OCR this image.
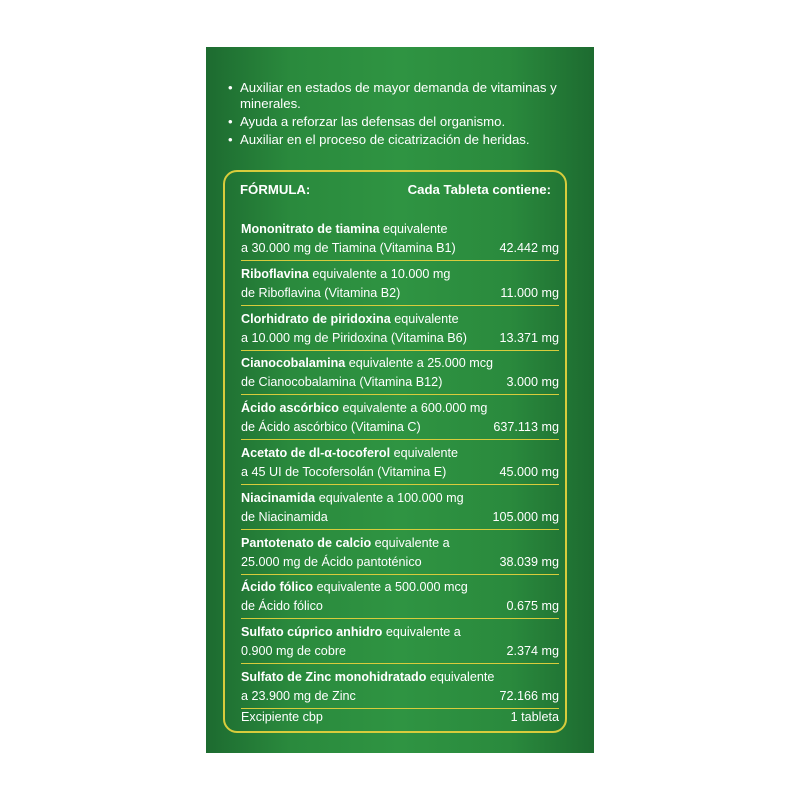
• Auxiliar en estados de mayor demanda de vitaminas y minerales.
• Ayuda a reforzar las defensas del organismo.
• Auxiliar en el proceso de cicatrización de heridas.
FÓRMULA:	Cada Tableta contiene:
Mononitrato de tiamina equivalente
a 30.000 mg de Tiamina (Vitamina B1)	42.442 mg
Riboflavina equivalente a 10.000 mg
de Riboflavina (Vitamina B2)	11.000 mg
Clorhidrato de piridoxina equivalente
a 10.000 mg de Piridoxina (Vitamina B6)	13.371 mg
Cianocobalamina equivalente a 25.000 mcg
de Cianocobalamina (Vitamina B12)	3.000 mg
Ácido ascórbico equivalente a 600.000 mg
de Ácido ascórbico (Vitamina C)	637.113 mg
Acetato de dl-α-tocoferol equivalente
a 45 UI de Tocofersolán (Vitamina E)	45.000 mg
Niacinamida equivalente a 100.000 mg
de Niacinamida	105.000 mg
Pantotenato de calcio equivalente a
25.000 mg de Ácido pantoténico	38.039 mg
Ácido fólico equivalente a 500.000 mcg
de Ácido fólico	0.675 mg
Sulfato cúprico anhidro equivalente a
0.900 mg de cobre	2.374 mg
Sulfato de Zinc monohidratado equivalente
a 23.900 mg de Zinc	72.166 mg
Excipiente cbp	1 tableta
